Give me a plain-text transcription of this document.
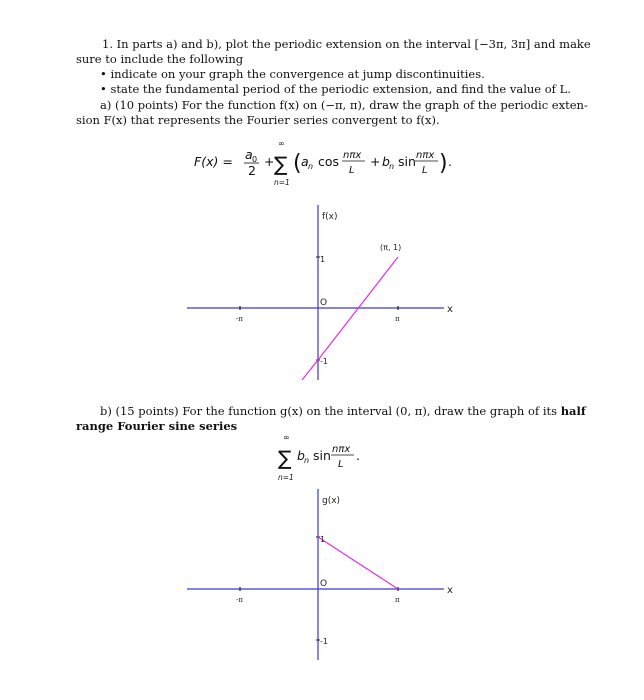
1. In parts a) and b), plot the periodic extension on the interval [−3π, 3π] and make
sure to include the following
• indicate on your graph the convergence at jump discontinuities.
• state the fundamental period of the periodic extension, and find the value of L.
a) (10 points) For the function f(x) on (−π, π), draw the graph of the periodic exten-
sion F(x) that represents the Fourier series convergent to f(x).
F(x) = a 0
2
+
∞
∑
n=1
( a n cos nπx
L
+ b n sin nπx
L ) .
f(x)
(π, 1)
1
-1
O
-π	π
x
b) (15 points) For the function g(x) on the interval (0, π), draw the graph of its half
range Fourier sine series
∞
∑
n=1
b n sin nπx
L
.
g(x)
1
-1
O
-π	π
x
